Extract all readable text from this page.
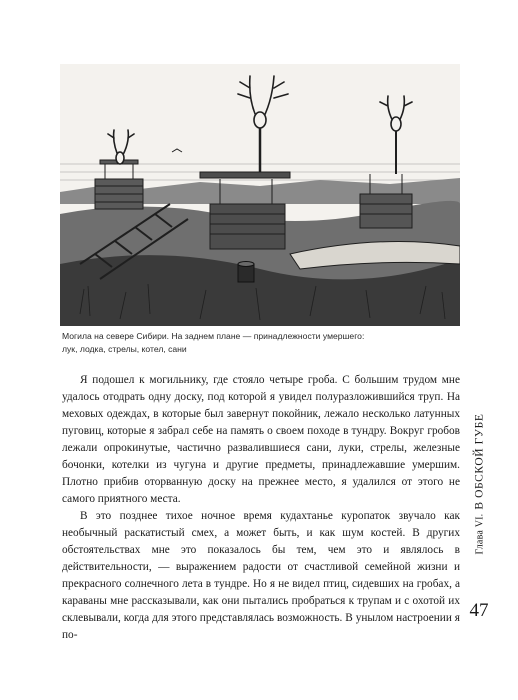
Могила на севере Сибири. На заднем плане — принадлежности умершего:
лук, лодка, стрелы, котел, сани

Я подошел к могильнику, где стояло четыре гроба. С большим трудом мне удалось отодрать одну доску, под которой я увидел полуразложившийся труп. На меховых одеждах, в которые был завернут покойник, лежало несколько латунных пуговиц, которые я забрал себе на память о своем походе в тундру. Вокруг гробов лежали опрокинутые, частично развалившиеся сани, луки, стрелы, железные бочонки, котелки из чугуна и другие предметы, принадлежавшие умершим. Плотно прибив оторванную доску на прежнее место, я удалился от этого не самого приятного места.

В это позднее тихое ночное время кудахтанье куропаток звучало как необычный раскатистый смех, а может быть, и как шум костей. В других обстоятельствах мне это показалось бы тем, чем это и являлось в действительности, — выражением радости от счастливой семейной жизни и прекрасного солнечного лета в тундре. Но я не видел птиц, сидевших на гробах, а караваны мне рассказывали, как они пытались пробраться к трупам и с охотой их склевывали, когда для этого представлялась возможность. В унылом настроении я по-

Глава VI.В ОБСКОЙ ГУБЕ
47
